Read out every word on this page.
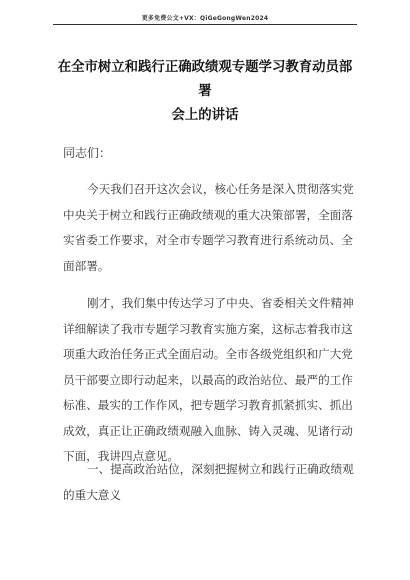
更多免费公文+VX：QiGeGongWen2024
在全市树立和践行正确政绩观专题学习教育动员部署
会上的讲话
同志们：
今天我们召开这次会议，核心任务是深入贯彻落实党
中央关于树立和践行正确政绩观的重大决策部署，全面落
实省委工作要求，对全市专题学习教育进行系统动员、全
面部署。
刚才，我们集中传达学习了中央、省委相关文件精神
详细解读了我市专题学习教育实施方案，这标志着我市这
项重大政治任务正式全面启动。全市各级党组织和广大党
员干部要立即行动起来，以最高的政治站位、最严的工作
标准、最实的工作作风，把专题学习教育抓紧抓实、抓出
成效，真正让正确政绩观融入血脉、铸入灵魂、见诸行动
下面，我讲四点意见。
一、提高政治站位，深刻把握树立和践行正确政绩观
的重大意义
